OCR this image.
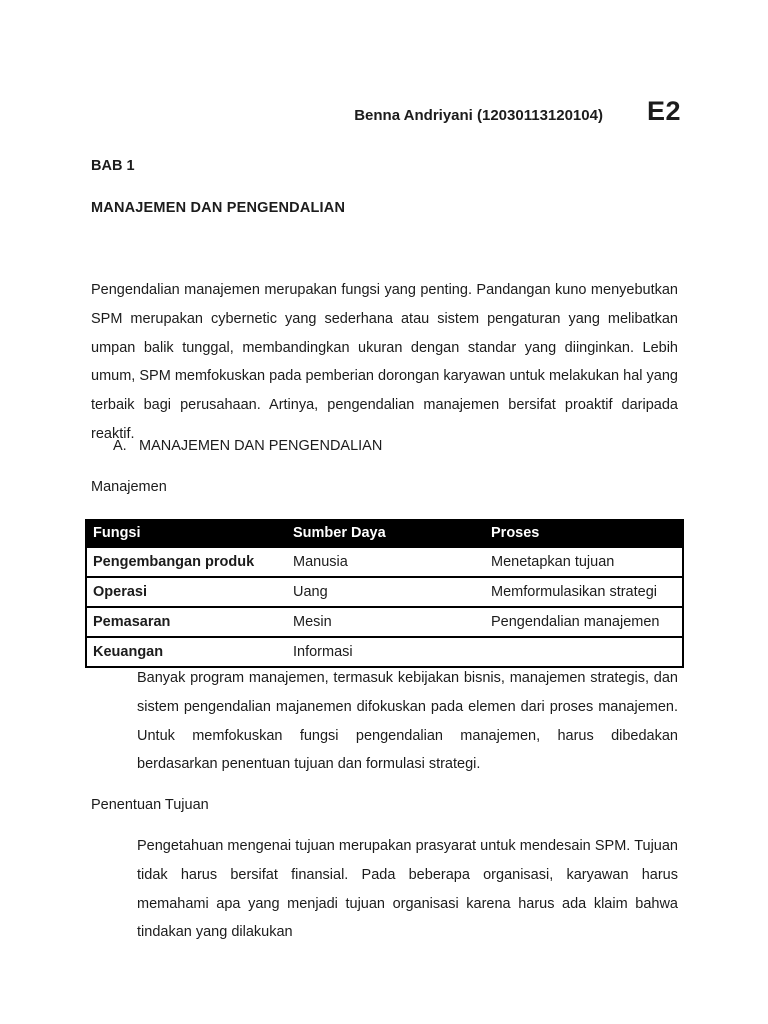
Benna Andriyani (12030113120104) E2
BAB 1
MANAJEMEN DAN PENGENDALIAN

Pengendalian manajemen merupakan fungsi yang penting. Pandangan kuno menyebutkan SPM merupakan cybernetic yang sederhana atau sistem pengaturan yang melibatkan umpan balik tunggal, membandingkan ukuran dengan standar yang diinginkan. Lebih umum, SPM memfokuskan pada pemberian dorongan karyawan untuk melakukan hal yang terbaik bagi perusahaan. Artinya, pengendalian manajemen bersifat proaktif daripada reaktif.

A. MANAJEMEN DAN PENGENDALIAN
Manajemen
Fungsi	Sumber Daya	Proses
Pengembangan produk	Manusia	Menetapkan tujuan
Operasi	Uang	Memformulasikan strategi
Pemasaran	Mesin	Pengendalian manajemen
Keuangan	Informasi

Banyak program manajemen, termasuk kebijakan bisnis, manajemen strategis, dan sistem pengendalian majanemen difokuskan pada elemen dari proses manajemen. Untuk memfokuskan fungsi pengendalian manajemen, harus dibedakan berdasarkan penentuan tujuan dan formulasi strategi.

Penentuan Tujuan

Pengetahuan mengenai tujuan merupakan prasyarat untuk mendesain SPM. Tujuan tidak harus bersifat finansial. Pada beberapa organisasi, karyawan harus memahami apa yang menjadi tujuan organisasi karena harus ada klaim bahwa tindakan yang dilakukan
